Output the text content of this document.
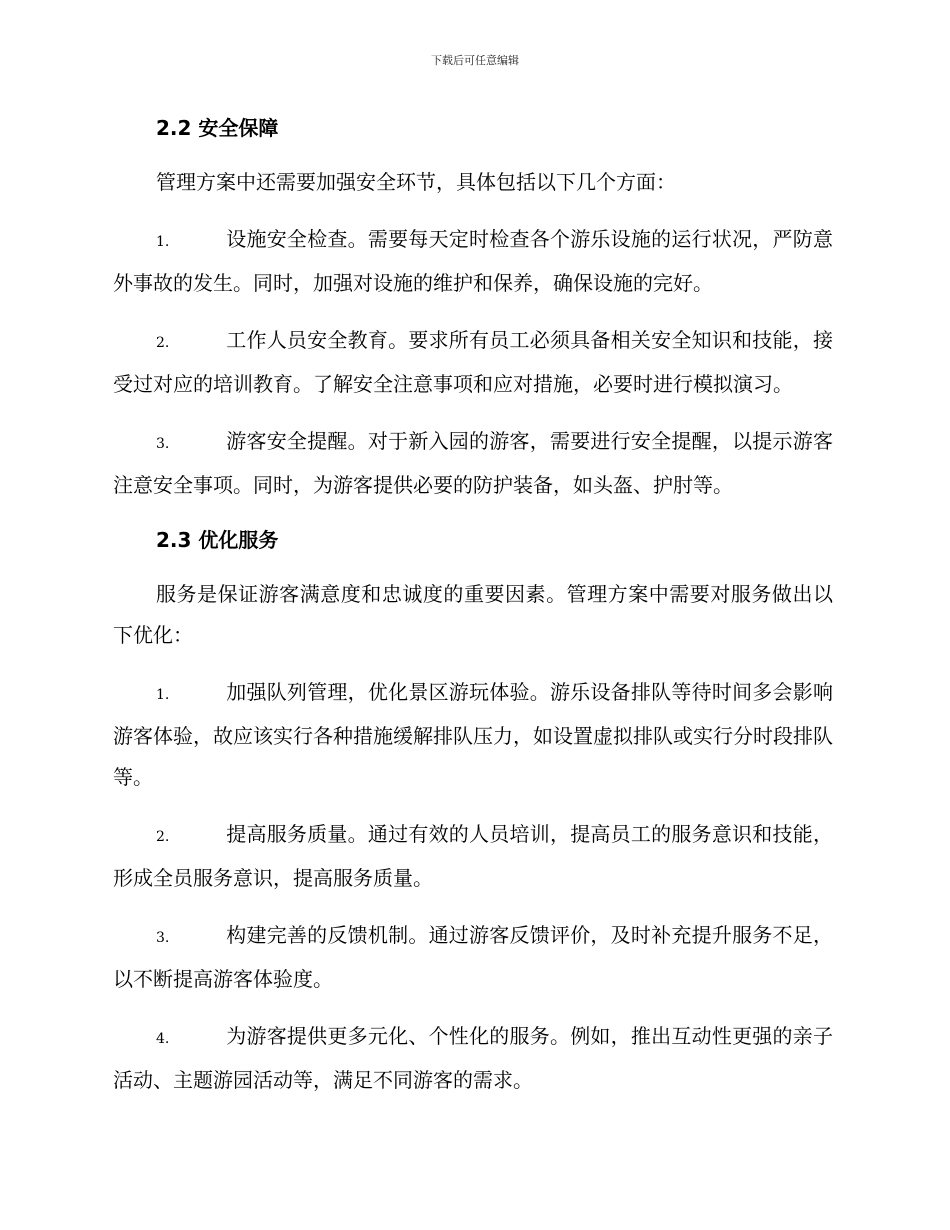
下载后可任意编辑
2.2 安全保障

管理方案中还需要加强安全环节，具体包括以下几个方面：

1.	设施安全检查。需要每天定时检查各个游乐设施的运行状况，严防意外事故的发生。同时，加强对设施的维护和保养，确保设施的完好。

2.	工作人员安全教育。要求所有员工必须具备相关安全知识和技能，接受过对应的培训教育。了解安全注意事项和应对措施，必要时进行模拟演习。

3.	游客安全提醒。对于新入园的游客，需要进行安全提醒，以提示游客注意安全事项。同时，为游客提供必要的防护装备，如头盔、护肘等。

2.3 优化服务

服务是保证游客满意度和忠诚度的重要因素。管理方案中需要对服务做出以下优化：

1.	加强队列管理，优化景区游玩体验。游乐设备排队等待时间多会影响游客体验，故应该实行各种措施缓解排队压力，如设置虚拟排队或实行分时段排队等。

2.	提高服务质量。通过有效的人员培训，提高员工的服务意识和技能，形成全员服务意识，提高服务质量。

3.	构建完善的反馈机制。通过游客反馈评价，及时补充提升服务不足，以不断提高游客体验度。

4.	为游客提供更多元化、个性化的服务。例如，推出互动性更强的亲子活动、主题游园活动等，满足不同游客的需求。
